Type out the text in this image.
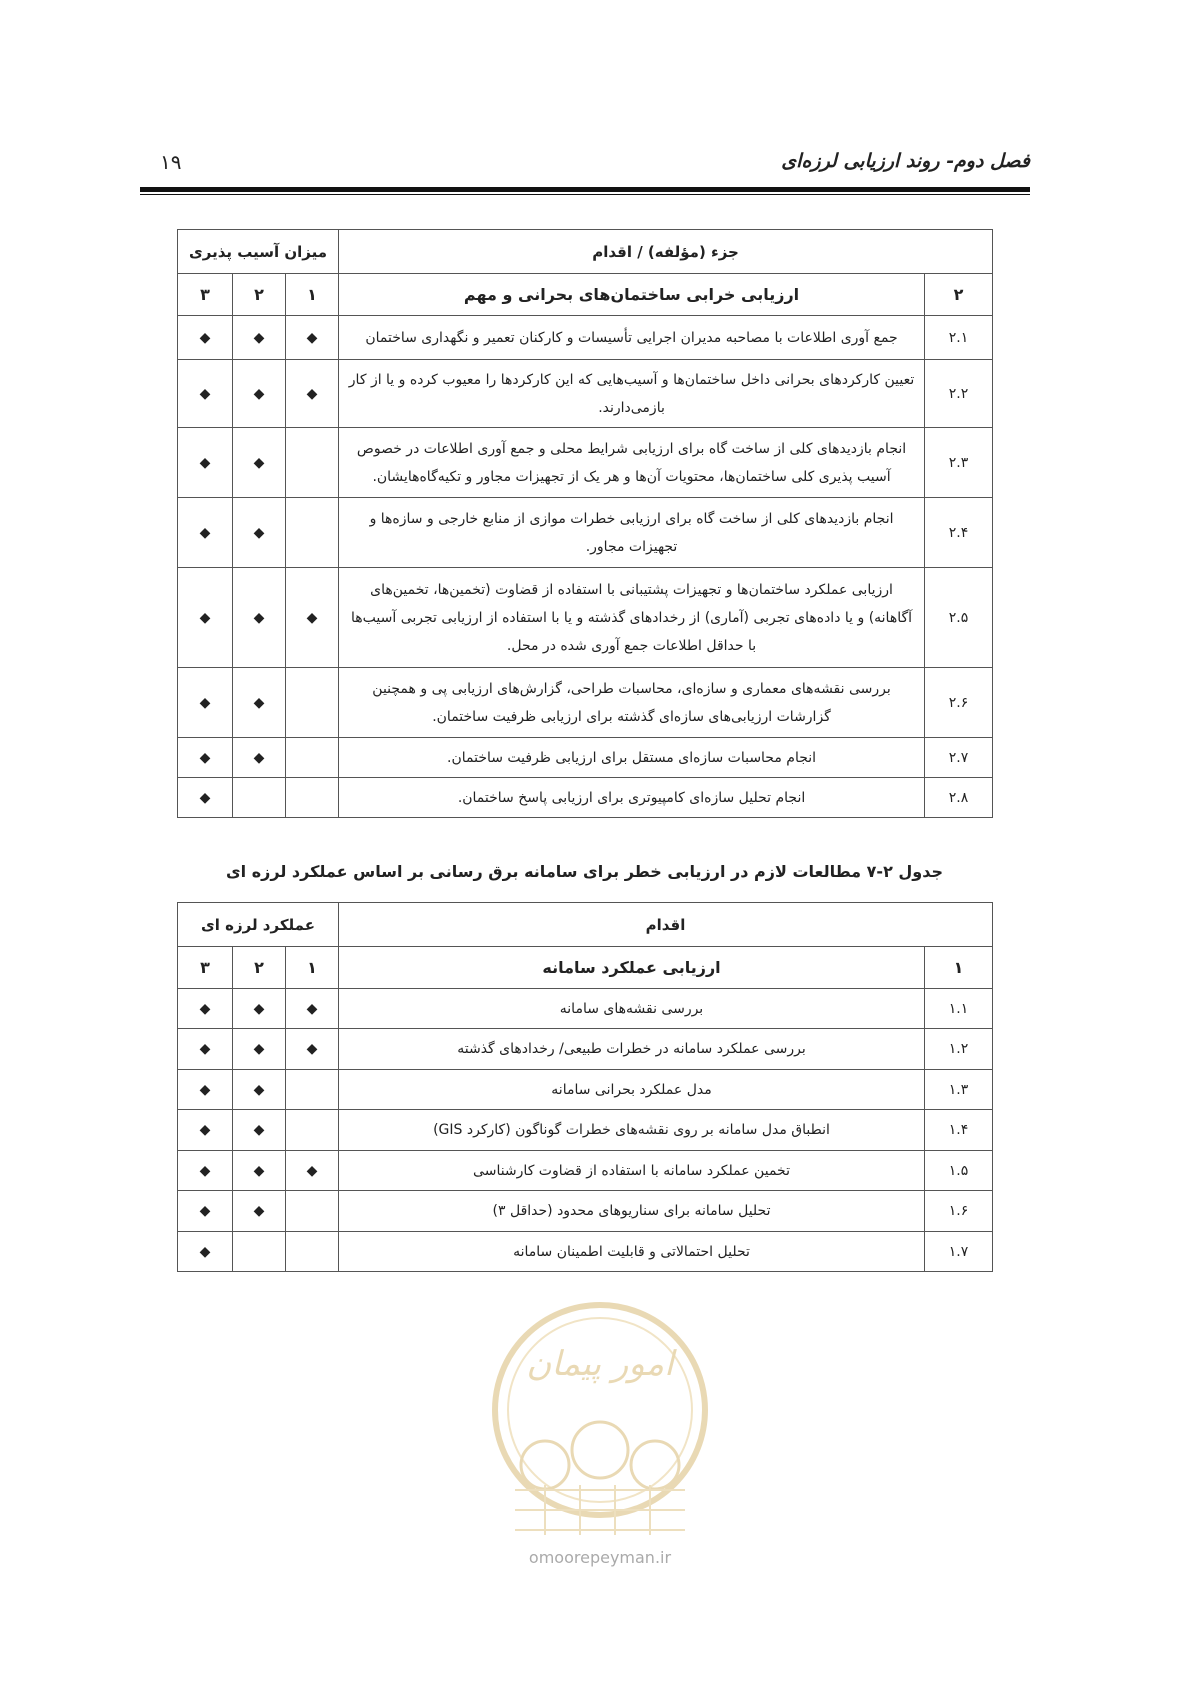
فصل دوم- روند ارزیابی لرزه‌ای
۱۹
جزء (مؤلفه) / اقدام		میزان آسیب پذیری		
۲	ارزیابی خرابی ساختمان‌های بحرانی و مهم	۱	۲	۳
۲.۱	جمع آوری اطلاعات با مصاحبه مدیران اجرایی تأسیسات و کارکنان تعمیر و نگهداری ساختمان	◆	◆	◆
۲.۲	تعیین کارکردهای بحرانی داخل ساختمان‌ها و آسیب‌هایی که این کارکردها را معیوب کرده و یا از کار بازمی‌دارند.	◆	◆	◆
۲.۳	انجام بازدیدهای کلی از ساخت گاه برای ارزیابی شرایط محلی و جمع آوری اطلاعات در خصوص آسیب پذیری کلی ساختمان‌ها، محتویات آن‌ها و هر یک از تجهیزات مجاور و تکیه‌گاه‌هایشان.		◆	◆
۲.۴	انجام بازدیدهای کلی از ساخت گاه برای ارزیابی خطرات موازی از منابع خارجی و سازه‌ها و تجهیزات مجاور.		◆	◆
۲.۵	ارزیابی عملکرد ساختمان‌ها و تجهیزات پشتیبانی با استفاده از قضاوت (تخمین‌ها، تخمین‌های آگاهانه) و یا داده‌های تجربی (آماری) از رخدادهای گذشته و یا با استفاده از ارزیابی تجربی آسیب‌ها با حداقل اطلاعات جمع آوری شده در محل.	◆	◆	◆
۲.۶	بررسی نقشه‌های معماری و سازه‌ای، محاسبات طراحی، گزارش‌های ارزیابی پی و همچنین گزارشات ارزیابی‌های سازه‌ای گذشته برای ارزیابی ظرفیت ساختمان.		◆	◆
۲.۷	انجام محاسبات سازه‌ای مستقل برای ارزیابی ظرفیت ساختمان.		◆	◆
۲.۸	انجام تحلیل سازه‌ای کامپیوتری برای ارزیابی پاسخ ساختمان.			◆
جدول ۲-۷ مطالعات لازم در ارزیابی خطر برای سامانه برق رسانی بر اساس عملکرد لرزه ای
اقدام		عملکرد لرزه ای		
۱	ارزیابی عملکرد سامانه	۱	۲	۳
۱.۱	بررسی نقشه‌های سامانه	◆	◆	◆
۱.۲	بررسی عملکرد سامانه در خطرات طبیعی/ رخدادهای گذشته	◆	◆	◆
۱.۳	مدل عملکرد بحرانی سامانه		◆	◆
۱.۴	انطباق مدل سامانه بر روی نقشه‌های خطرات گوناگون (کارکرد GIS)		◆	◆
۱.۵	تخمین عملکرد سامانه با استفاده از قضاوت کارشناسی	◆	◆	◆
۱.۶	تحلیل سامانه برای سناریوهای محدود (حداقل ۳)		◆	◆
۱.۷	تحلیل احتمالاتی و قابلیت اطمینان سامانه			◆
امور پیمان
omoorepeyman.ir
